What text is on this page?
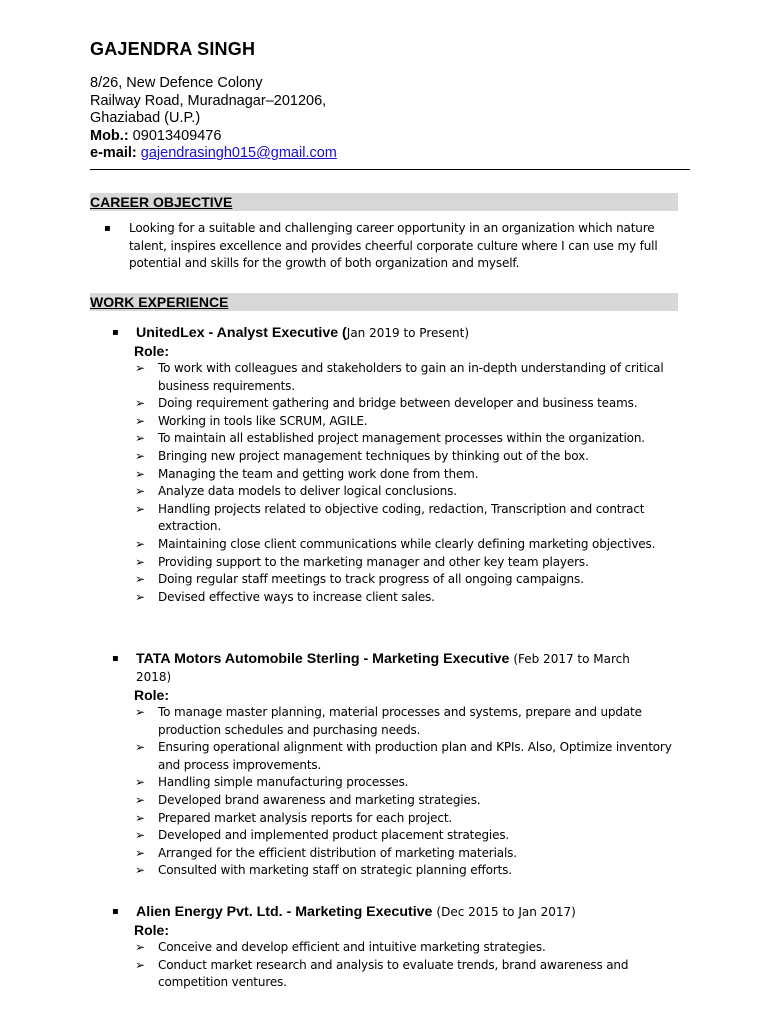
GAJENDRA SINGH
8/26, New Defence Colony
Railway Road, Muradnagar–201206,
Ghaziabad (U.P.)
Mob.: 09013409476
e-mail: gajendrasingh015@gmail.com
CAREER OBJECTIVE
▪ Looking for a suitable and challenging career opportunity in an organization which nature talent, inspires excellence and provides cheerful corporate culture where I can use my full potential and skills for the growth of both organization and myself.
WORK EXPERIENCE
▪ UnitedLex - Analyst Executive (Jan 2019 to Present)
Role:
➢ To work with colleagues and stakeholders to gain an in-depth understanding of critical business requirements.
➢ Doing requirement gathering and bridge between developer and business teams.
➢ Working in tools like SCRUM, AGILE.
➢ To maintain all established project management processes within the organization.
➢ Bringing new project management techniques by thinking out of the box.
➢ Managing the team and getting work done from them.
➢ Analyze data models to deliver logical conclusions.
➢ Handling projects related to objective coding, redaction, Transcription and contract extraction.
➢ Maintaining close client communications while clearly defining marketing objectives.
➢ Providing support to the marketing manager and other key team players.
➢ Doing regular staff meetings to track progress of all ongoing campaigns.
➢ Devised effective ways to increase client sales.
▪ TATA Motors Automobile Sterling - Marketing Executive (Feb 2017 to March 2018)
Role:
➢ To manage master planning, material processes and systems, prepare and update production schedules and purchasing needs.
➢ Ensuring operational alignment with production plan and KPIs. Also, Optimize inventory and process improvements.
➢ Handling simple manufacturing processes.
➢ Developed brand awareness and marketing strategies.
➢ Prepared market analysis reports for each project.
➢ Developed and implemented product placement strategies.
➢ Arranged for the efficient distribution of marketing materials.
➢ Consulted with marketing staff on strategic planning efforts.
▪ Alien Energy Pvt. Ltd. - Marketing Executive (Dec 2015 to Jan 2017)
Role:
➢ Conceive and develop efficient and intuitive marketing strategies.
➢ Conduct market research and analysis to evaluate trends, brand awareness and competition ventures.
